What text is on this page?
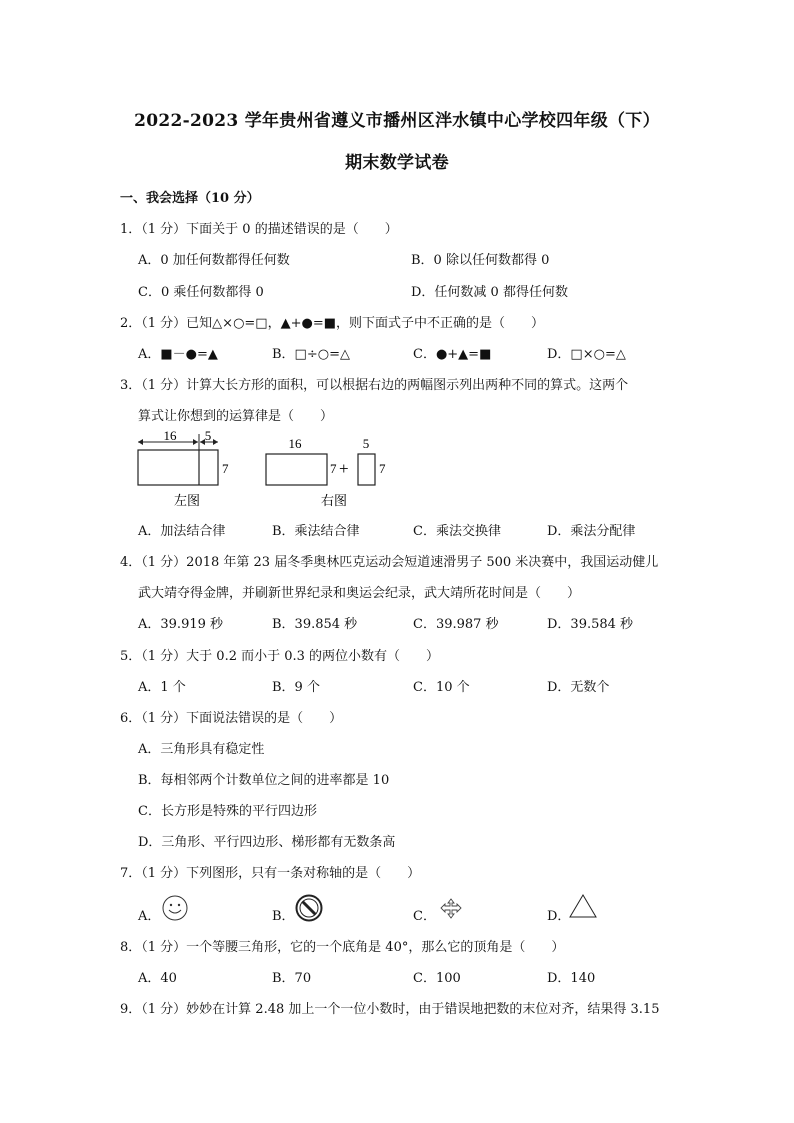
2022-2023 学年贵州省遵义市播州区泮水镇中心学校四年级（下）
期末数学试卷
一、我会选择（10 分）
1．（1 分）下面关于 0 的描述错误的是（　　）
A．0 加任何数都得任何数	B．0 除以任何数都得 0
C．0 乘任何数都得 0	D．任何数减 0 都得任何数
2．（1 分）已知△×○=□，▲+●=■，则下面式子中不正确的是（　　）
A．■－●=▲	B．□÷○=△	C．●+▲=■	D．□×○=△
3．（1 分）计算大长方形的面积，可以根据右边的两幅图示列出两种不同的算式。这两个
算式让你想到的运算律是（　　）
16 5
7
左图
16
7 +
5
7
右图
A．加法结合律	B．乘法结合律	C．乘法交换律	D．乘法分配律
4．（1 分）2018 年第 23 届冬季奥林匹克运动会短道速滑男子 500 米决赛中，我国运动健儿
武大靖夺得金牌，并刷新世界纪录和奥运会纪录，武大靖所花时间是（　　）
A．39.919 秒	B．39.854 秒	C．39.987 秒	D．39.584 秒
5．（1 分）大于 0.2 而小于 0.3 的两位小数有（　　）
A．1 个	B．9 个	C．10 个	D．无数个
6．（1 分）下面说法错误的是（　　）
A．三角形具有稳定性
B．每相邻两个计数单位之间的进率都是 10
C．长方形是特殊的平行四边形
D．三角形、平行四边形、梯形都有无数条高
7．（1 分）下列图形，只有一条对称轴的是（　　）
A．	B．	C．	D．
8．（1 分）一个等腰三角形，它的一个底角是 40°，那么它的顶角是（　　）
A．40	B．70	C．100	D．140
9．（1 分）妙妙在计算 2.48 加上一个一位小数时，由于错误地把数的末位对齐，结果得 3.15
